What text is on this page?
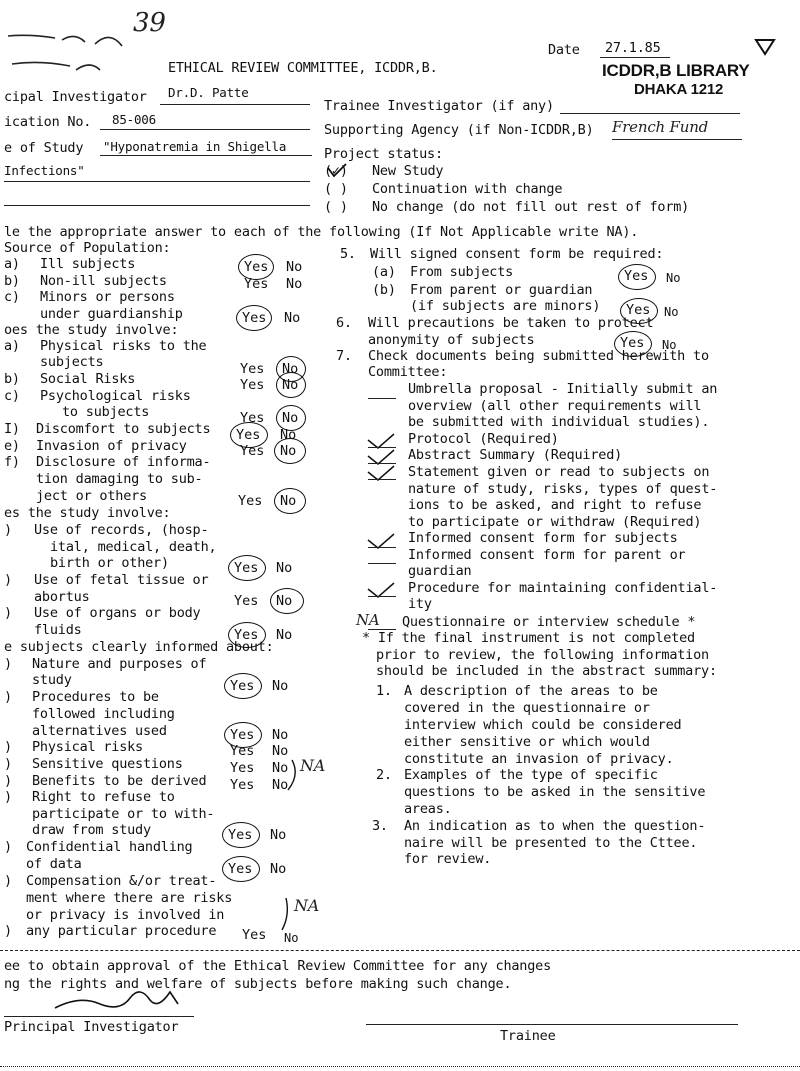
39
ETHICAL REVIEW COMMITTEE, ICDDR,B.
Date 27.1.85
ICDDR,B LIBRARY
DHAKA 1212
cipal Investigator Dr.D. Patte
ication No. 85-006
e of Study "Hyponatremia in Shigella
Infections"
Trainee Investigator (if any)
Supporting Agency (if Non-ICDDR,B) French Fund
Project status:
(✓) New Study
( ) Continuation with change
( ) No change (do not fill out rest of form)
le the appropriate answer to each of the following (If Not Applicable write NA).
Source of Population:
a) Ill subjects	Yes No
b) Non-ill subjects	Yes No
c) Minors or persons
under guardianship	Yes No
oes the study involve:
a) Physical risks to the
subjects	Yes No
b) Social Risks	Yes No
c) Psychological risks
to subjects	Yes No
I) Discomfort to subjects Yes No
e) Invasion of privacy	Yes No
f) Disclosure of informa-
tion damaging to sub-
ject or others	Yes No
es the study involve:
) Use of records, (hosp-
ital, medical, death,
birth or other)	Yes No
) Use of fetal tissue or
abortus	Yes No
) Use of organs or body
fluids	Yes No
e subjects clearly informed about:
) Nature and purposes of
study	Yes No
) Procedures to be
followed including
alternatives used	Yes No
) Physical risks	Yes No
) Sensitive questions	Yes No NA
) Benefits to be derived Yes No
) Right to refuse to
participate or to with-
draw from study	Yes No
) Confidential handling
of data	Yes No
) Compensation &/or treat-
ment where there are risks
or privacy is involved in
) any particular procedure Yes No
NA
5. Will signed consent form be required:
(a) From subjects	Yes No
(b) From parent or guardian
(if subjects are minors) Yes No
6. Will precautions be taken to protect
anonymity of subjects	Yes No
7. Check documents being submitted herewith to
Committee:
Umbrella proposal - Initially submit an
overview (all other requirements will
be submitted with individual studies).
Protocol (Required)
Abstract Summary (Required)
Statement given or read to subjects on
nature of study, risks, types of quest-
ions to be asked, and right to refuse
to participate or withdraw (Required)
Informed consent form for subjects
Informed consent form for parent or
guardian
Procedure for maintaining confidential-
ity
NA Questionnaire or interview schedule *
* If the final instrument is not completed
prior to review, the following information
should be included in the abstract summary:
1. A description of the areas to be
covered in the questionnaire or
interview which could be considered
either sensitive or which would
constitute an invasion of privacy.
2. Examples of the type of specific
questions to be asked in the sensitive
areas.
3. An indication as to when the question-
naire will be presented to the Cttee.
for review.
ee to obtain approval of the Ethical Review Committee for any changes
ng the rights and welfare of subjects before making such change.
Principal Investigator
Trainee
